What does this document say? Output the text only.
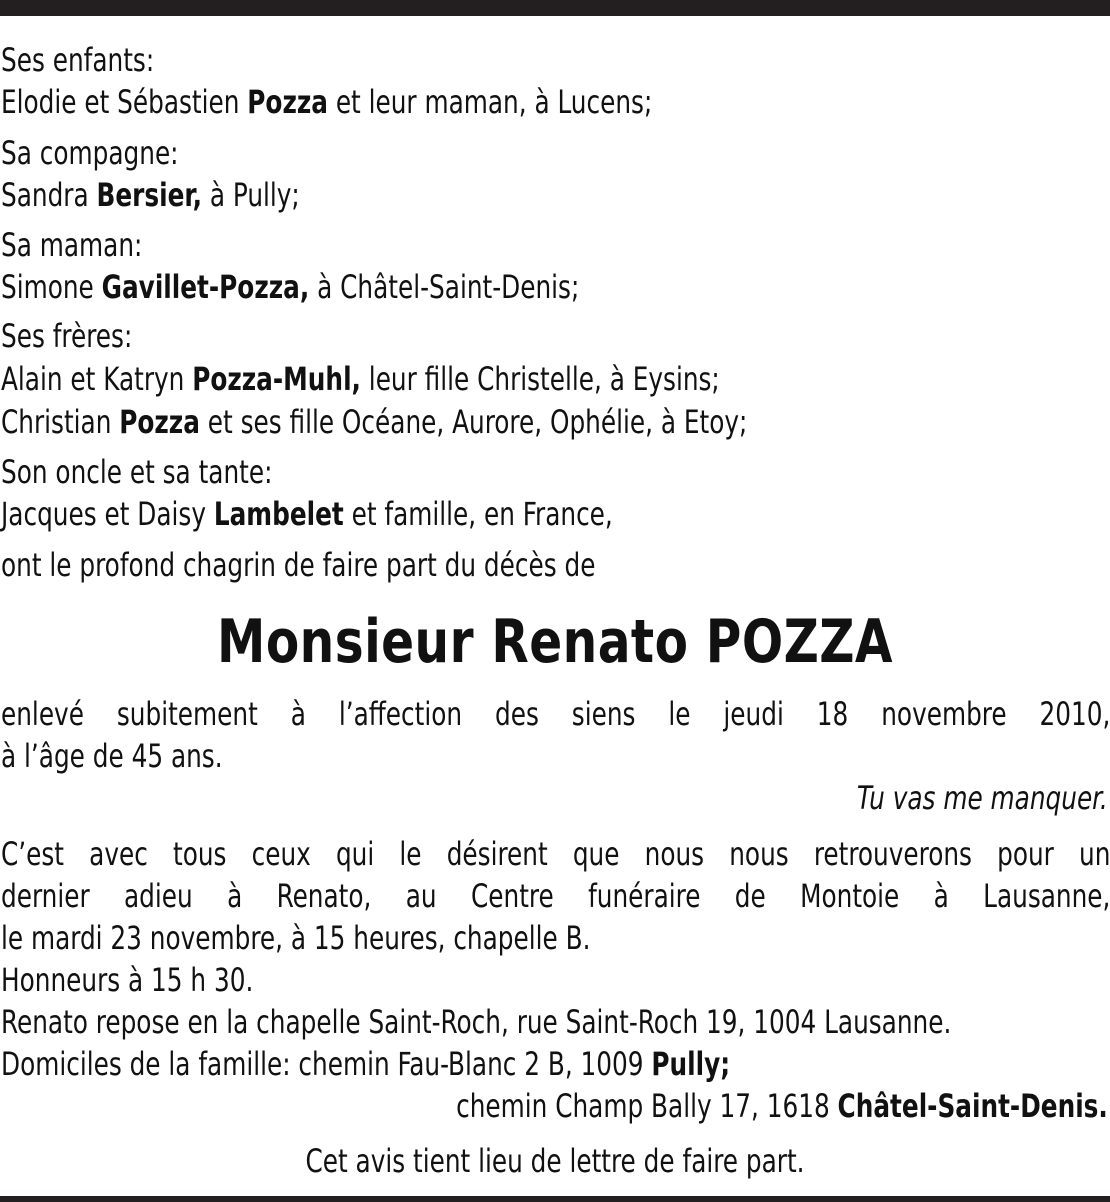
Ses enfants:
Elodie et Sébastien Pozza et leur maman, à Lucens;
Sa compagne:
Sandra Bersier, à Pully;
Sa maman:
Simone Gavillet-Pozza, à Châtel-Saint-Denis;
Ses frères:
Alain et Katryn Pozza-Muhl, leur fille Christelle, à Eysins;
Christian Pozza et ses fille Océane, Aurore, Ophélie, à Etoy;
Son oncle et sa tante:
Jacques et Daisy Lambelet et famille, en France,
ont le profond chagrin de faire part du décès de
Monsieur Renato POZZA
enlevé subitement à l’affection des siens le jeudi 18 novembre 2010,
à l’âge de 45 ans.
Tu vas me manquer.
C’est avec tous ceux qui le désirent que nous nous retrouverons pour un
dernier adieu à Renato, au Centre funéraire de Montoie à Lausanne,
le mardi 23 novembre, à 15 heures, chapelle B.
Honneurs à 15 h 30.
Renato repose en la chapelle Saint-Roch, rue Saint-Roch 19, 1004 Lausanne.
Domiciles de la famille: chemin Fau-Blanc 2 B, 1009 Pully;
chemin Champ Bally 17, 1618 Châtel-Saint-Denis.
Cet avis tient lieu de lettre de faire part.
